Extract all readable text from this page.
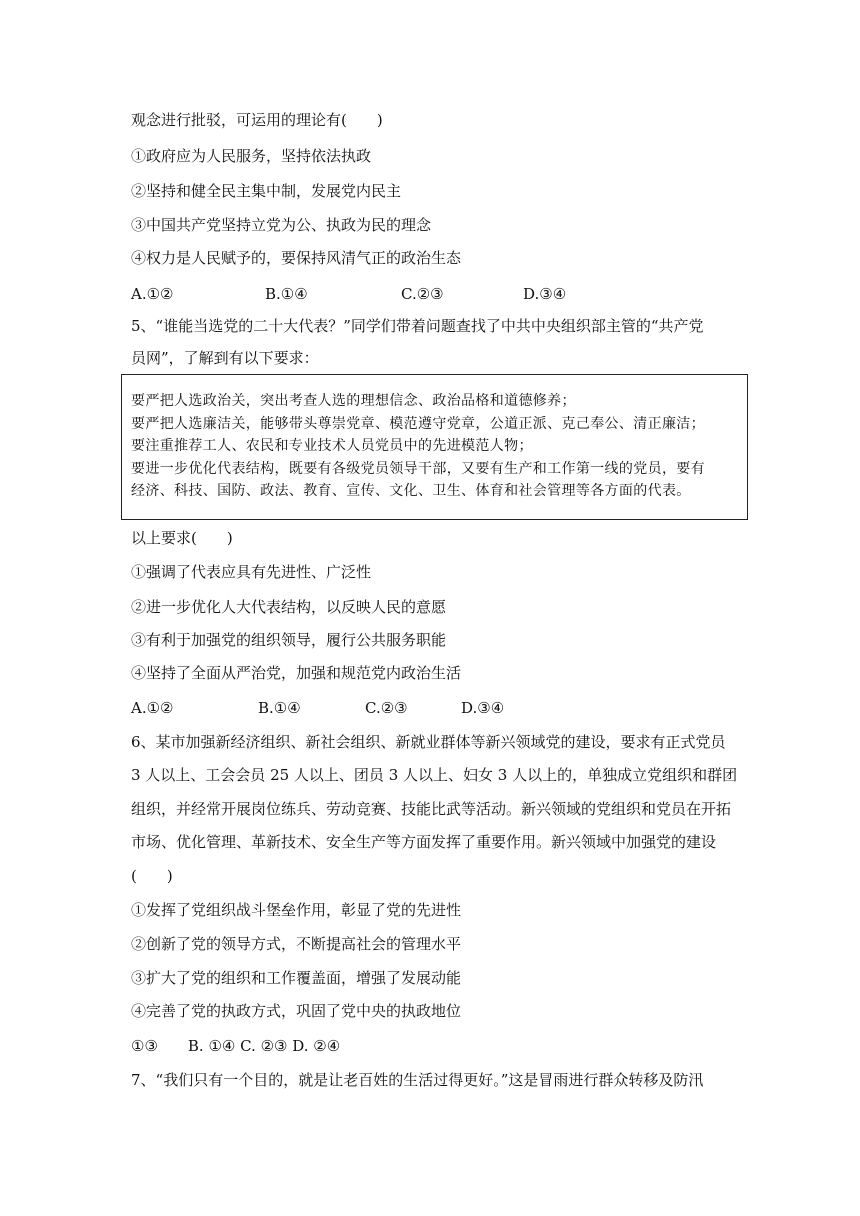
观念进行批驳，可运用的理论有(　　)

①政府应为人民服务，坚持依法执政

②坚持和健全民主集中制，发展党内民主

③中国共产党坚持立党为公、执政为民的理念

④权力是人民赋予的，要保持风清气正的政治生态

A.①②	B.①④	C.②③	D.③④

5、“谁能当选党的二十大代表？”同学们带着问题查找了中共中央组织部主管的“共产党

员网”，了解到有以下要求：

要严把人选政治关，突出考查人选的理想信念、政治品格和道德修养；

要严把人选廉洁关，能够带头尊崇党章、模范遵守党章，公道正派、克己奉公、清正廉洁；

要注重推荐工人、农民和专业技术人员党员中的先进模范人物；

要进一步优化代表结构，既要有各级党员领导干部，又要有生产和工作第一线的党员，要有

经济、科技、国防、政法、教育、宣传、文化、卫生、体育和社会管理等各方面的代表。

以上要求(　　)

①强调了代表应具有先进性、广泛性

②进一步优化人大代表结构，以反映人民的意愿

③有利于加强党的组织领导，履行公共服务职能

④坚持了全面从严治党，加强和规范党内政治生活

A.①②	B.①④	C.②③	D.③④

6、某市加强新经济组织、新社会组织、新就业群体等新兴领域党的建设，要求有正式党员

3 人以上、工会会员 25 人以上、团员 3 人以上、妇女 3 人以上的，单独成立党组织和群团

组织，并经常开展岗位练兵、劳动竞赛、技能比武等活动。新兴领域的党组织和党员在开拓

市场、优化管理、革新技术、安全生产等方面发挥了重要作用。新兴领域中加强党的建设

(　　)

①发挥了党组织战斗堡垒作用，彰显了党的先进性

②创新了党的领导方式，不断提高社会的管理水平

③扩大了党的组织和工作覆盖面，增强了发展动能

④完善了党的执政方式，巩固了党中央的执政地位

①③　　B. ①④ C. ②③ D. ②④

7、“我们只有一个目的，就是让老百姓的生活过得更好。”这是冒雨进行群众转移及防汛
